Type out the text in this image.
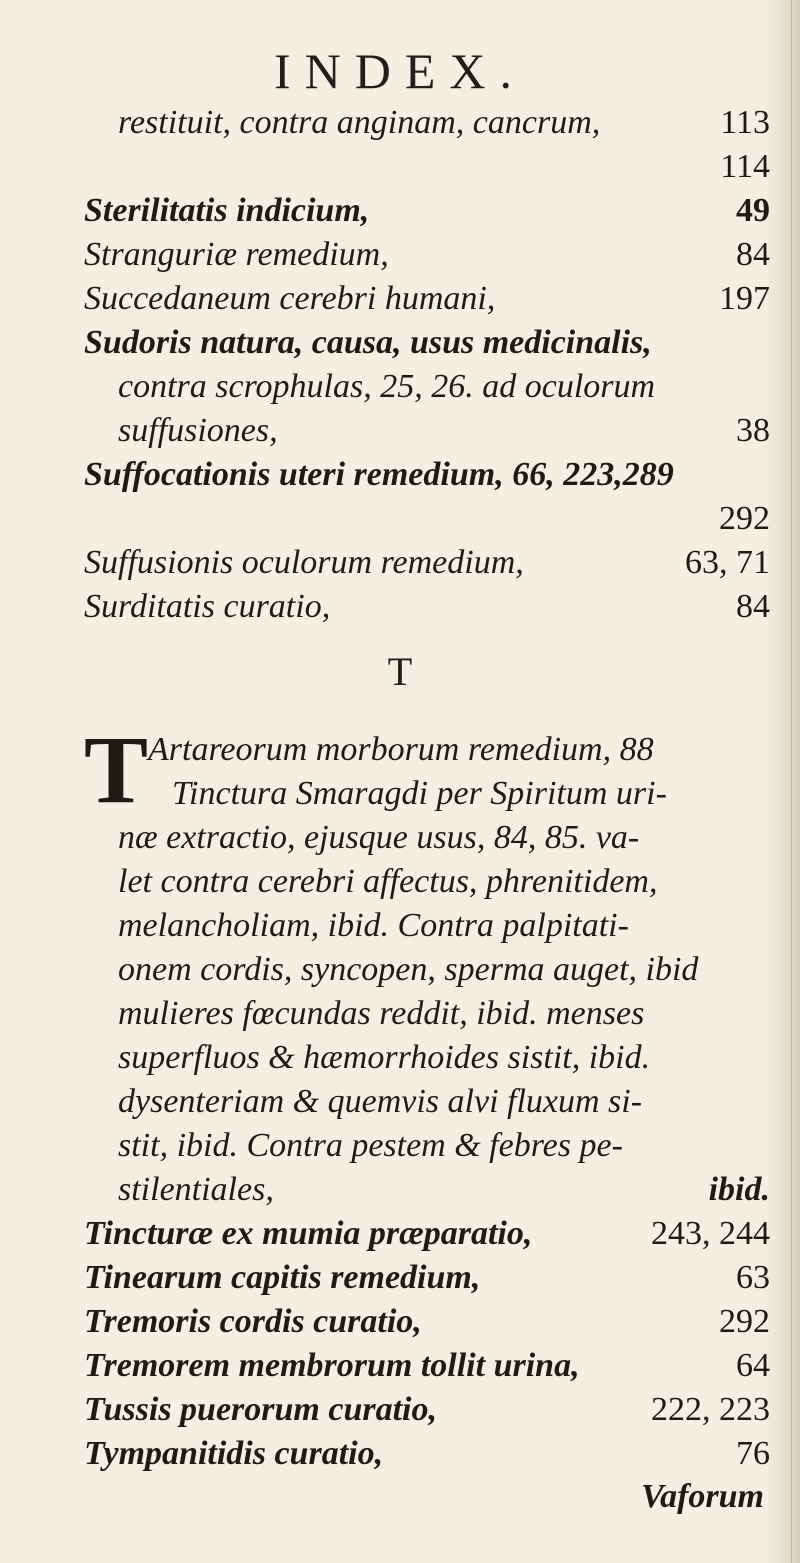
INDEX.
restituit, contra anginam, cancrum,	113
114
Sterilitatis indicium,	49
Stranguriæ remedium,	84
Succedaneum cerebri humani,	197
Sudoris natura, causa, usus medicinalis,
contra scrophulas, 25, 26. ad oculorum
suffusiones,	38
Suffocationis uteri remedium, 66, 223,289
292
Suffusionis oculorum remedium,	63, 71
Surditatis curatio,	84
T
T Artareorum morborum remedium, 88
Tinctura Smaragdi per Spiritum uri-
næ extractio, ejusque usus, 84, 85. va-
let contra cerebri affectus, phrenitidem,
melancholiam, ibid. Contra palpitati-
onem cordis, syncopen, sperma auget, ibid
mulieres fœcundas reddit, ibid. menses
superfluos & hæmorrhoides sistit, ibid.
dysenteriam & quemvis alvi fluxum si-
stit, ibid. Contra pestem & febres pe-
stilentiales,	ibid.
Tincturæ ex mumia præparatio,	243, 244
Tinearum capitis remedium,	63
Tremoris cordis curatio,	292
Tremorem membrorum tollit urina,	64
Tussis puerorum curatio,	222, 223
Tympanitidis curatio,	76
Vaforum
